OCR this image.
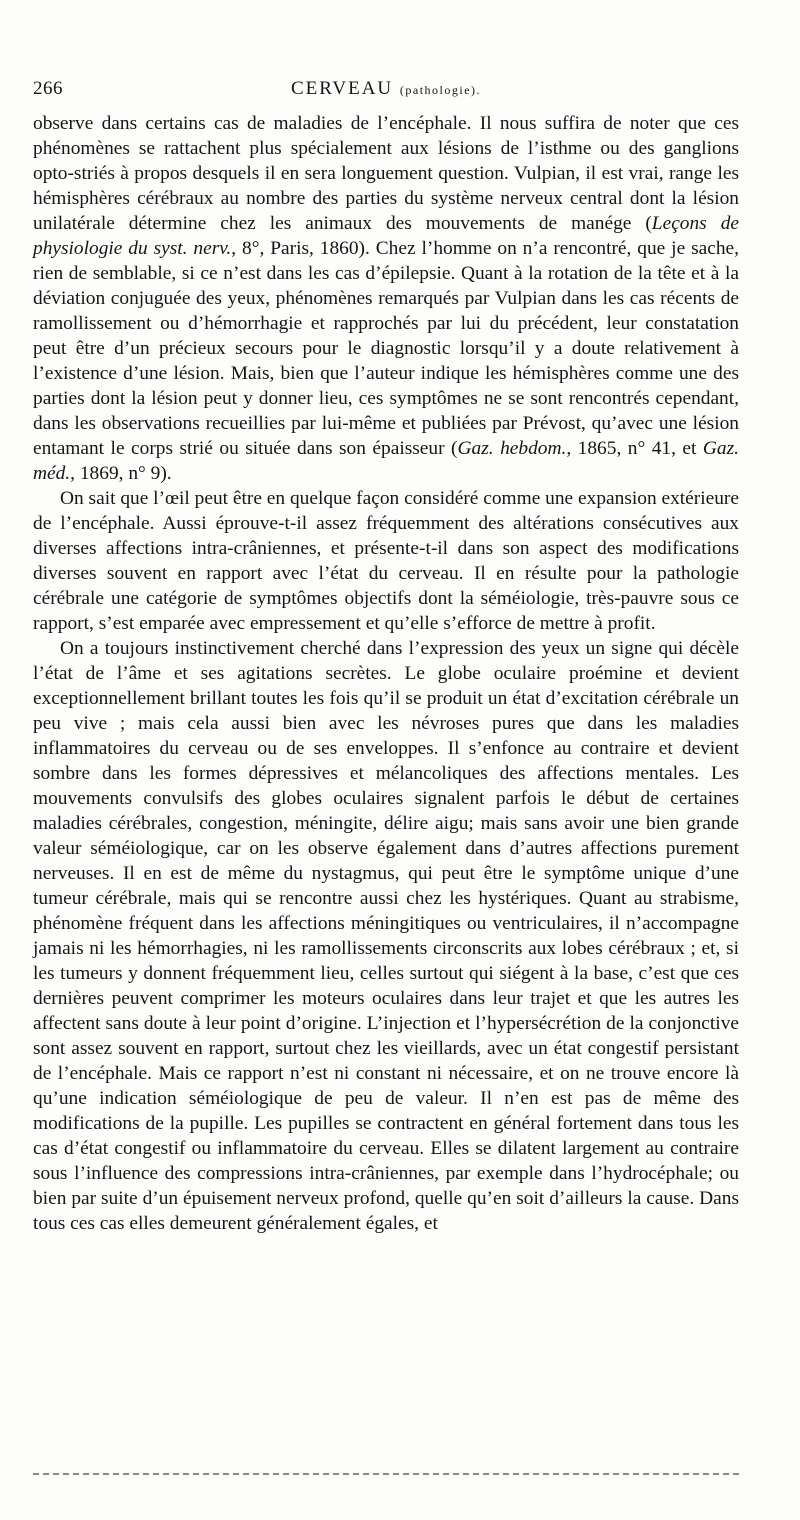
266	CERVEAU (pathologie).

observe dans certains cas de maladies de l’encéphale. Il nous suffira de noter que ces phénomènes se rattachent plus spécialement aux lésions de l’isthme ou des ganglions opto-striés à propos desquels il en sera longuement question. Vulpian, il est vrai, range les hémisphères cérébraux au nombre des parties du système nerveux central dont la lésion unilatérale détermine chez les animaux des mouvements de manége (Leçons de physiologie du syst. nerv., 8°, Paris, 1860). Chez l’homme on n’a rencontré, que je sache, rien de semblable, si ce n’est dans les cas d’épilepsie. Quant à la rotation de la tête et à la déviation conjuguée des yeux, phénomènes remarqués par Vulpian dans les cas récents de ramollissement ou d’hémorrhagie et rapprochés par lui du précédent, leur constatation peut être d’un précieux secours pour le diagnostic lorsqu’il y a doute relativement à l’existence d’une lésion. Mais, bien que l’auteur indique les hémisphères comme une des parties dont la lésion peut y donner lieu, ces symptômes ne se sont rencontrés cependant, dans les observations recueillies par lui-même et publiées par Prévost, qu’avec une lésion entamant le corps strié ou située dans son épaisseur (Gaz. hebdom., 1865, n° 41, et Gaz. méd., 1869, n° 9).

On sait que l’œil peut être en quelque façon considéré comme une expansion extérieure de l’encéphale. Aussi éprouve-t-il assez fréquemment des altérations consécutives aux diverses affections intra-crâniennes, et présente-t-il dans son aspect des modifications diverses souvent en rapport avec l’état du cerveau. Il en résulte pour la pathologie cérébrale une catégorie de symptômes objectifs dont la séméiologie, très-pauvre sous ce rapport, s’est emparée avec empressement et qu’elle s’efforce de mettre à profit.

On a toujours instinctivement cherché dans l’expression des yeux un signe qui décèle l’état de l’âme et ses agitations secrètes. Le globe oculaire proémine et devient exceptionnellement brillant toutes les fois qu’il se produit un état d’excitation cérébrale un peu vive ; mais cela aussi bien avec les névroses pures que dans les maladies inflammatoires du cerveau ou de ses enveloppes. Il s’enfonce au contraire et devient sombre dans les formes dépressives et mélancoliques des affections mentales. Les mouvements convulsifs des globes oculaires signalent parfois le début de certaines maladies cérébrales, congestion, méningite, délire aigu; mais sans avoir une bien grande valeur séméiologique, car on les observe également dans d’autres affections purement nerveuses. Il en est de même du nystagmus, qui peut être le symptôme unique d’une tumeur cérébrale, mais qui se rencontre aussi chez les hystériques. Quant au strabisme, phénomène fréquent dans les affections méningitiques ou ventriculaires, il n’accompagne jamais ni les hémorrhagies, ni les ramollissements circonscrits aux lobes cérébraux ; et, si les tumeurs y donnent fréquemment lieu, celles surtout qui siégent à la base, c’est que ces dernières peuvent comprimer les moteurs oculaires dans leur trajet et que les autres les affectent sans doute à leur point d’origine. L’injection et l’hypersécrétion de la conjonctive sont assez souvent en rapport, surtout chez les vieillards, avec un état congestif persistant de l’encéphale. Mais ce rapport n’est ni constant ni nécessaire, et on ne trouve encore là qu’une indication séméiologique de peu de valeur. Il n’en est pas de même des modifications de la pupille. Les pupilles se contractent en général fortement dans tous les cas d’état congestif ou inflammatoire du cerveau. Elles se dilatent largement au contraire sous l’influence des compressions intra-crâniennes, par exemple dans l’hydrocéphale; ou bien par suite d’un épuisement nerveux profond, quelle qu’en soit d’ailleurs la cause. Dans tous ces cas elles demeurent généralement égales, et
